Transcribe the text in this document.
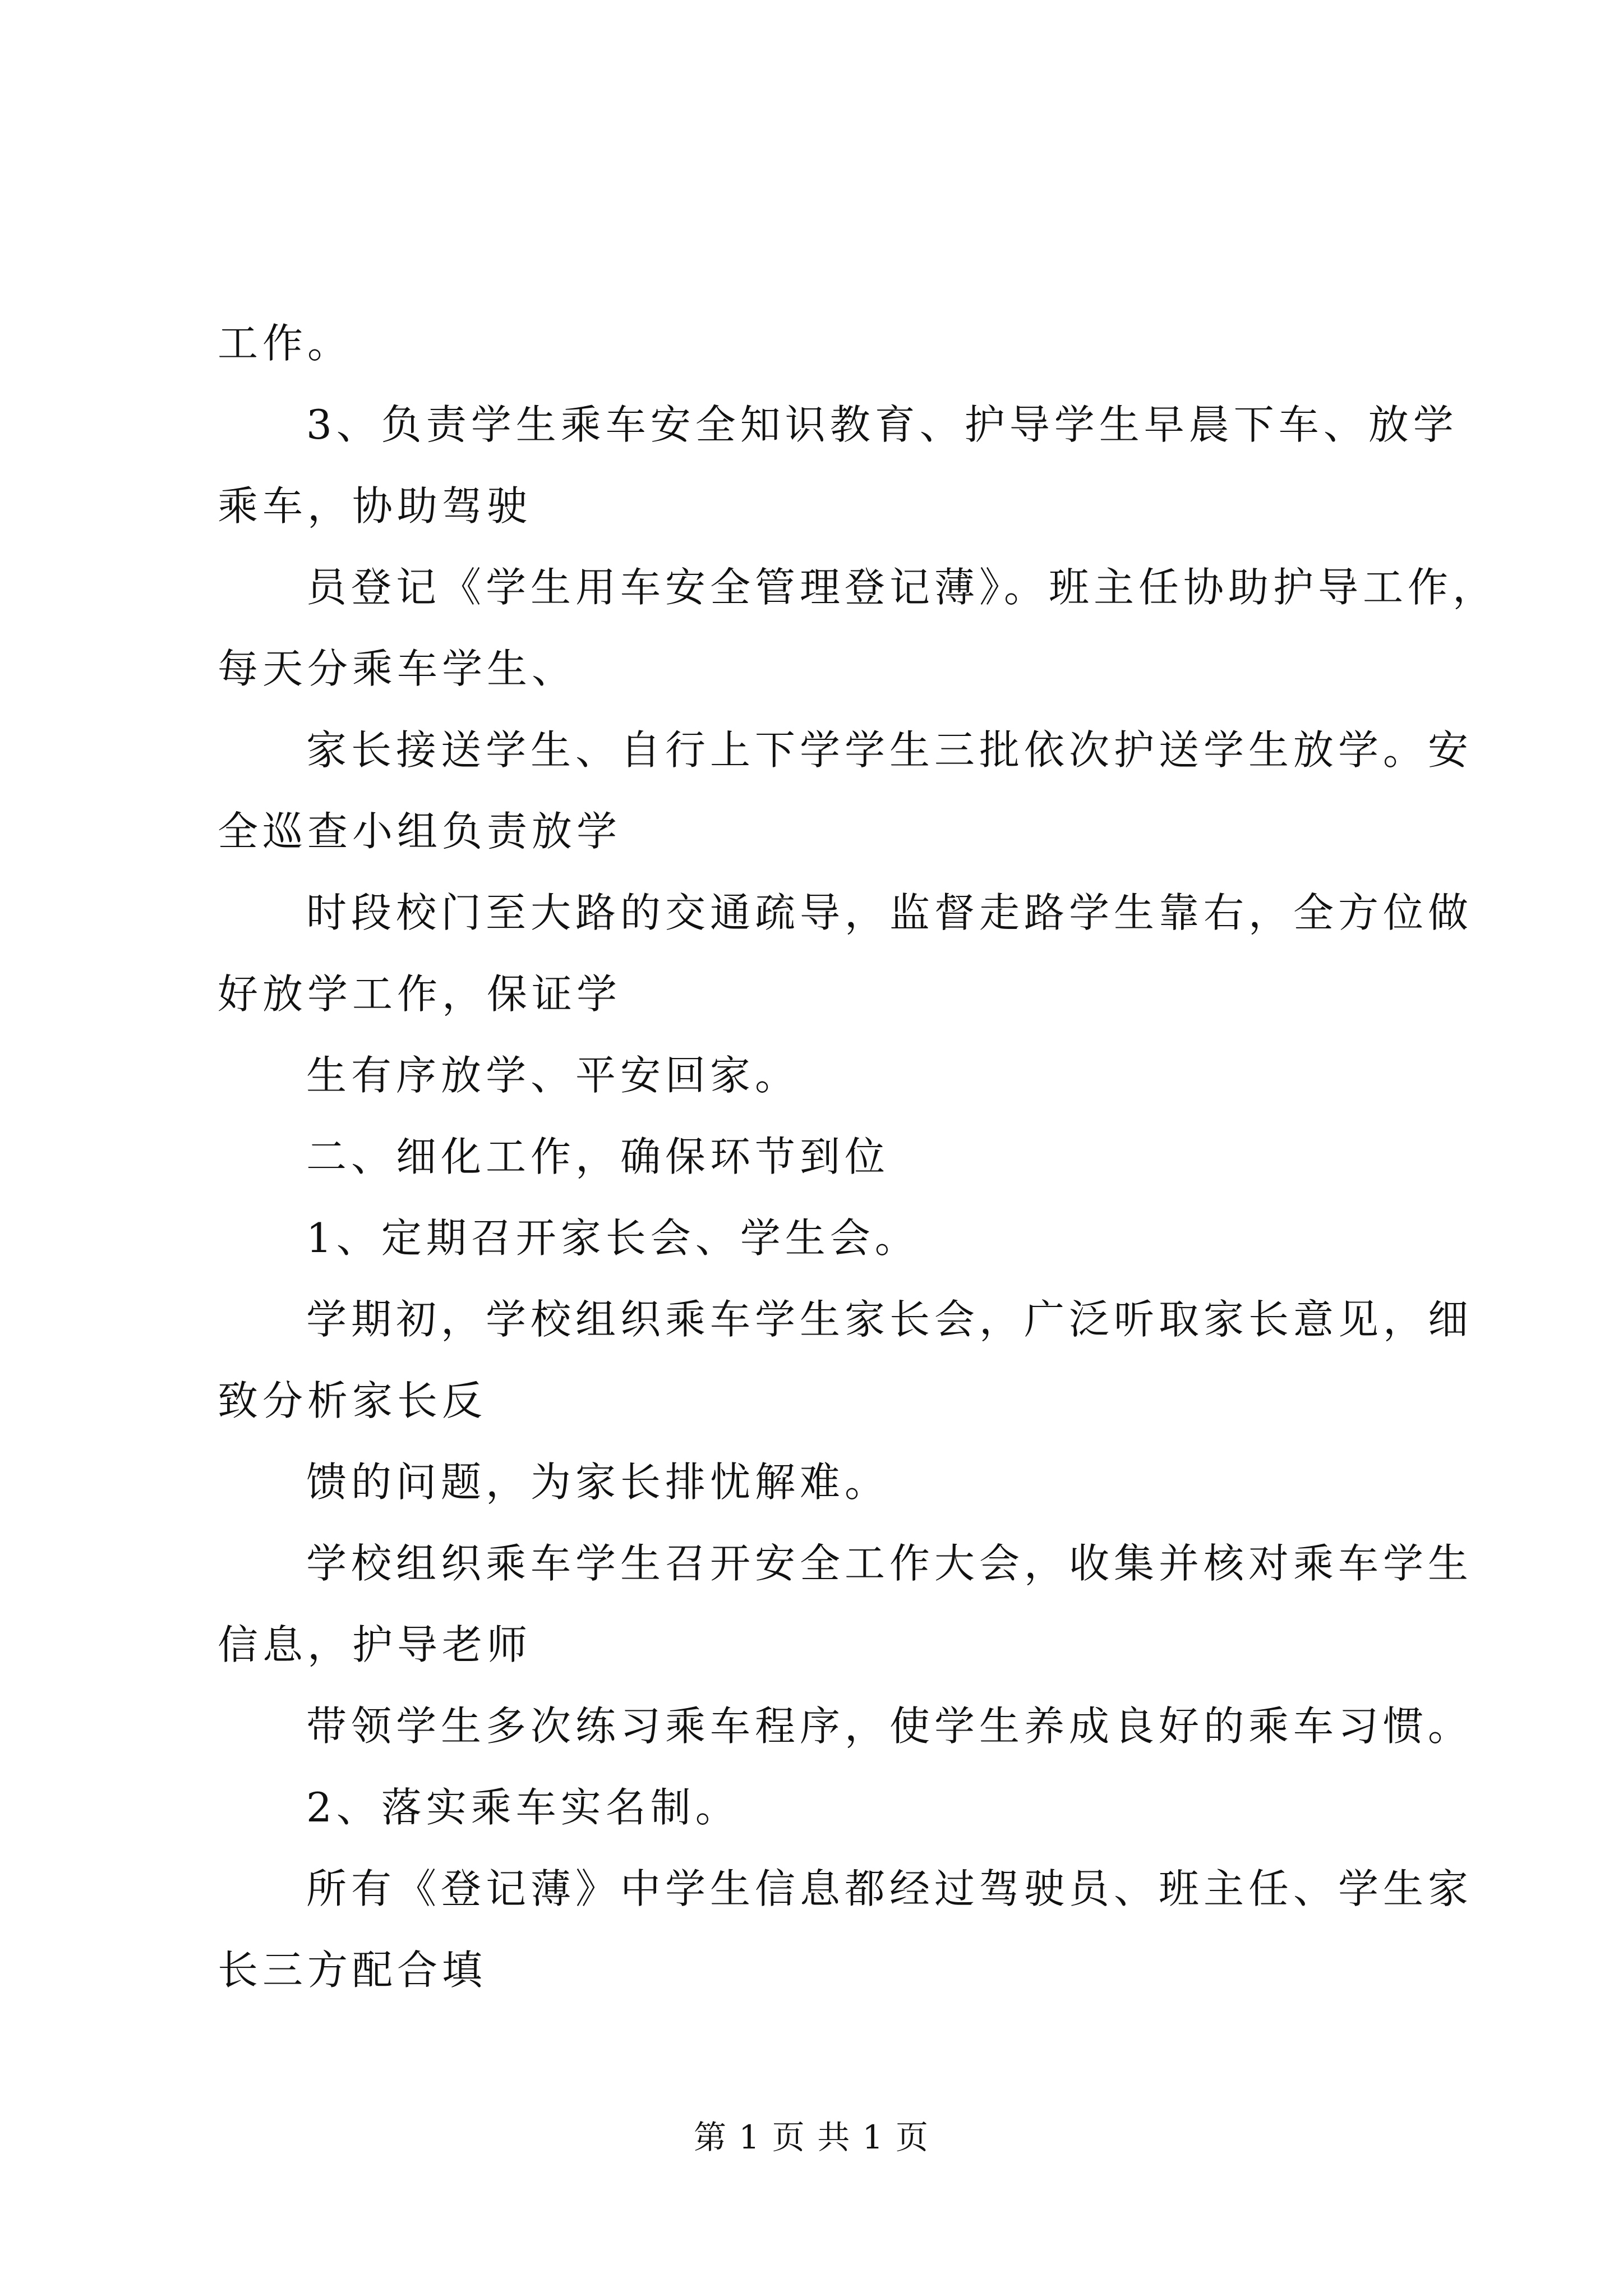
工作。

3、负责学生乘车安全知识教育、护导学生早晨下车、放学

乘车，协助驾驶

员登记《学生用车安全管理登记薄》。班主任协助护导工作，

每天分乘车学生、

家长接送学生、自行上下学学生三批依次护送学生放学。安

全巡查小组负责放学

时段校门至大路的交通疏导，监督走路学生靠右，全方位做

好放学工作，保证学

生有序放学、平安回家。

二、细化工作，确保环节到位

1、定期召开家长会、学生会。

学期初，学校组织乘车学生家长会，广泛听取家长意见，细

致分析家长反

馈的问题，为家长排忧解难。

学校组织乘车学生召开安全工作大会，收集并核对乘车学生

信息，护导老师

带领学生多次练习乘车程序，使学生养成良好的乘车习惯。

2、落实乘车实名制。

所有《登记薄》中学生信息都经过驾驶员、班主任、学生家

长三方配合填

第 1 页 共 1 页
